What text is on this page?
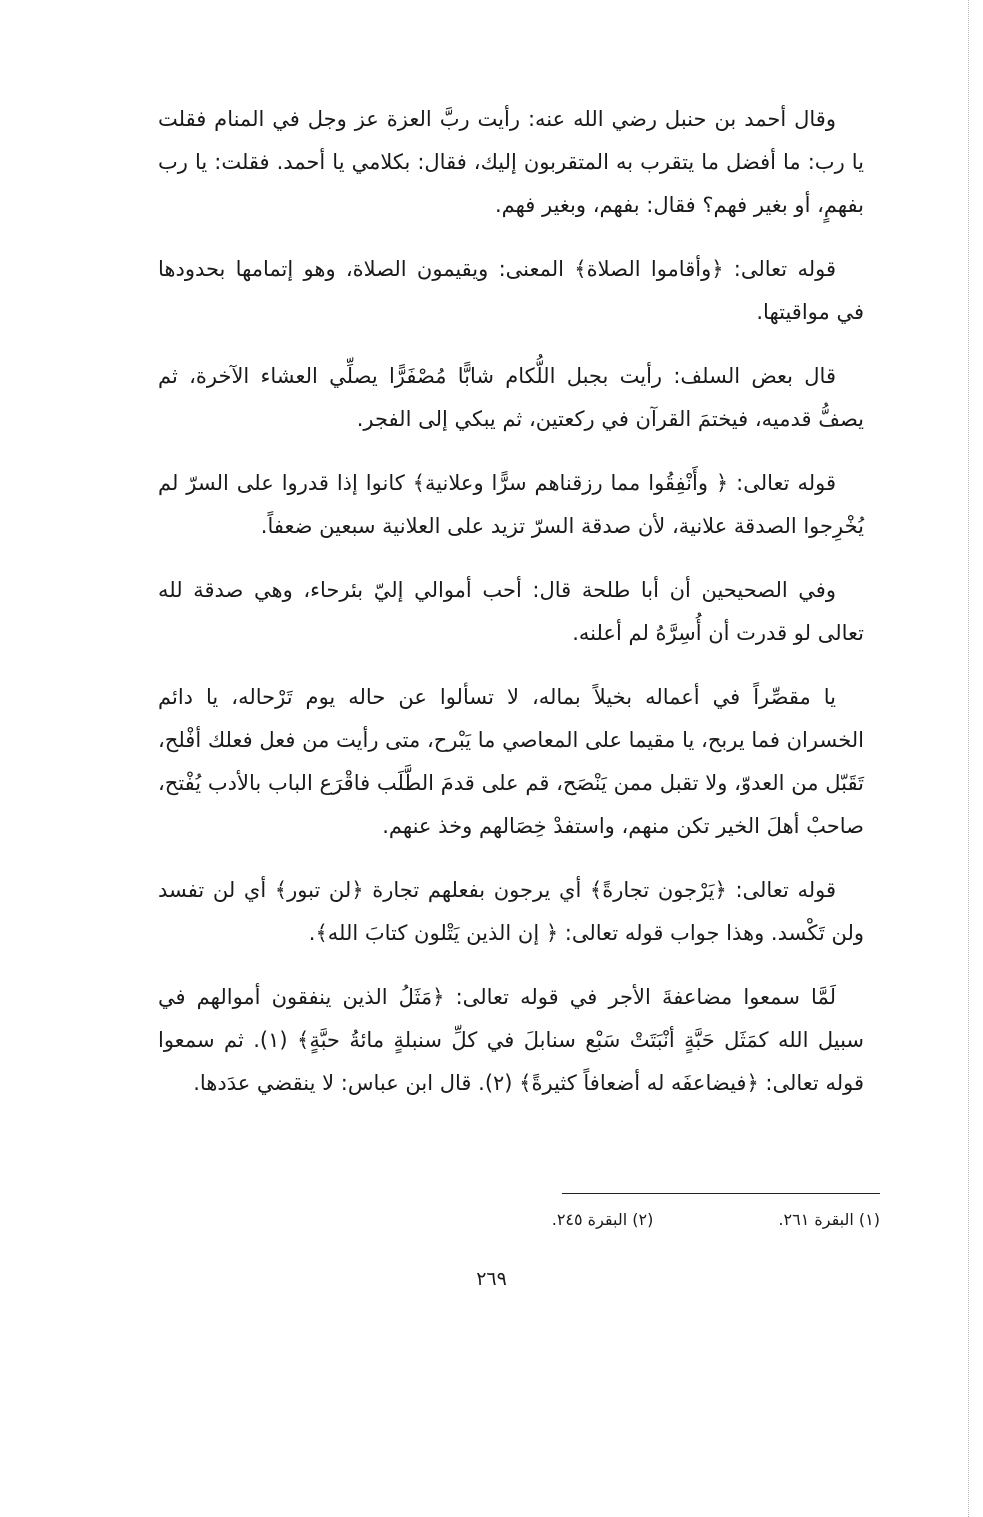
وقال أحمد بن حنبل رضي الله عنه: رأيت ربَّ العزة عز وجل في المنام فقلت يا رب: ما أفضل ما يتقرب به المتقربون إليك، فقال: بكلامي يا أحمد. فقلت: يا رب بفهمٍ، أو بغير فهم؟ فقال: بفهم، وبغير فهم.

قوله تعالى: ﴿وأقاموا الصلاة﴾ المعنى: ويقيمون الصلاة، وهو إتمامها بحدودها في مواقيتها.

قال بعض السلف: رأيت بجبل اللُّكام شابًّا مُصْفَرًّا يصلِّي العشاء الآخرة، ثم يصفُّ قدميه، فيختمَ القرآن في ركعتين، ثم يبكي إلى الفجر.

قوله تعالى: ﴿ وأَنْفِقُوا مما رزقناهم سرًّا وعلانية﴾ كانوا إذا قدروا على السرّ لم يُخْرِجوا الصدقة علانية، لأن صدقة السرّ تزيد على العلانية سبعين ضعفاً.

وفي الصحيحين أن أبا طلحة قال: أحب أموالي إليّ بئرحاء، وهي صدقة لله تعالى لو قدرت أن أُسِرَّهُ لم أعلنه.

يا مقصِّراً في أعماله بخيلاً بماله، لا تسألوا عن حاله يوم تَرْحاله، يا دائم الخسران فما يربح، يا مقيما على المعاصي ما يَبْرح، متى رأيت من فعل فعلك أفْلح، تَقَبّل من العدوّ، ولا تقبل ممن يَنْصَح، قم على قدمَ الطَّلَب فاقْرَع الباب بالأدب يُفْتح، صاحبْ أهلَ الخير تكن منهم، واستفدْ خِصَالهم وخذ عنهم.

قوله تعالى: ﴿يَرْجون تجارةً﴾ أي يرجون بفعلهم تجارة ﴿لن تبور﴾ أي لن تفسد ولن تَكْسد. وهذا جواب قوله تعالى: ﴿ إن الذين يَتْلون كتابَ الله﴾.

لَمَّا سمعوا مضاعفةَ الأجر في قوله تعالى: ﴿مَثَلُ الذين ينفقون أموالهم في سبيل الله كمَثَل حَبَّةٍ أنْبَتَتْ سَبْع سنابلَ في كلِّ سنبلةٍ مائةُ حبَّةٍ﴾ (١). ثم سمعوا قوله تعالى: ﴿فيضاعفَه له أضعافاً كثيرةً﴾ (٢). قال ابن عباس: لا ينقضي عدَدها.

(١) البقرة ٢٦١. (٢) البقرة ٢٤٥.
٢٦٩
